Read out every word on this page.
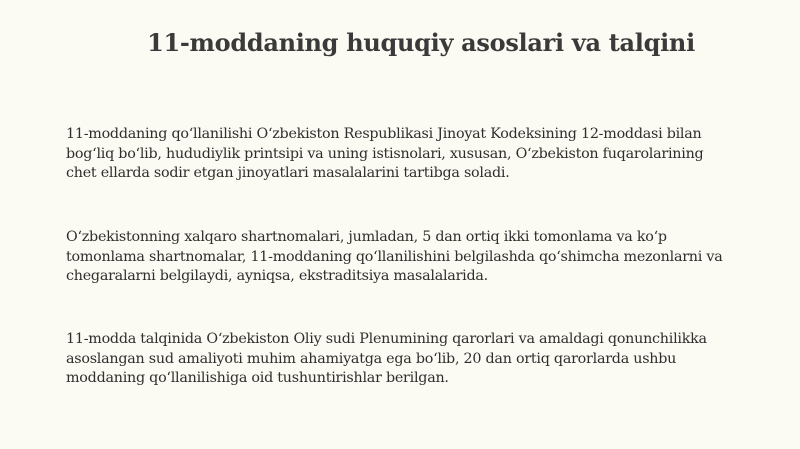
11-moddaning huquqiy asoslari va talqini

11-moddaning qoʻllanilishi Oʻzbekiston Respublikasi Jinoyat Kodeksining 12-moddasi bilan
bogʻliq boʻlib, hududiylik printsipi va uning istisnolari, xususan, Oʻzbekiston fuqarolarining
chet ellarda sodir etgan jinoyatlari masalalarini tartibga soladi.

Oʻzbekistonning xalqaro shartnomalari, jumladan, 5 dan ortiq ikki tomonlama va koʻp
tomonlama shartnomalar, 11-moddaning qoʻllanilishini belgilashda qoʻshimcha mezonlarni va
chegaralarni belgilaydi, ayniqsa, ekstraditsiya masalalarida.

11-modda talqinida Oʻzbekiston Oliy sudi Plenumining qarorlari va amaldagi qonunchilikka
asoslangan sud amaliyoti muhim ahamiyatga ega boʻlib, 20 dan ortiq qarorlarda ushbu
moddaning qoʻllanilishiga oid tushuntirishlar berilgan.
